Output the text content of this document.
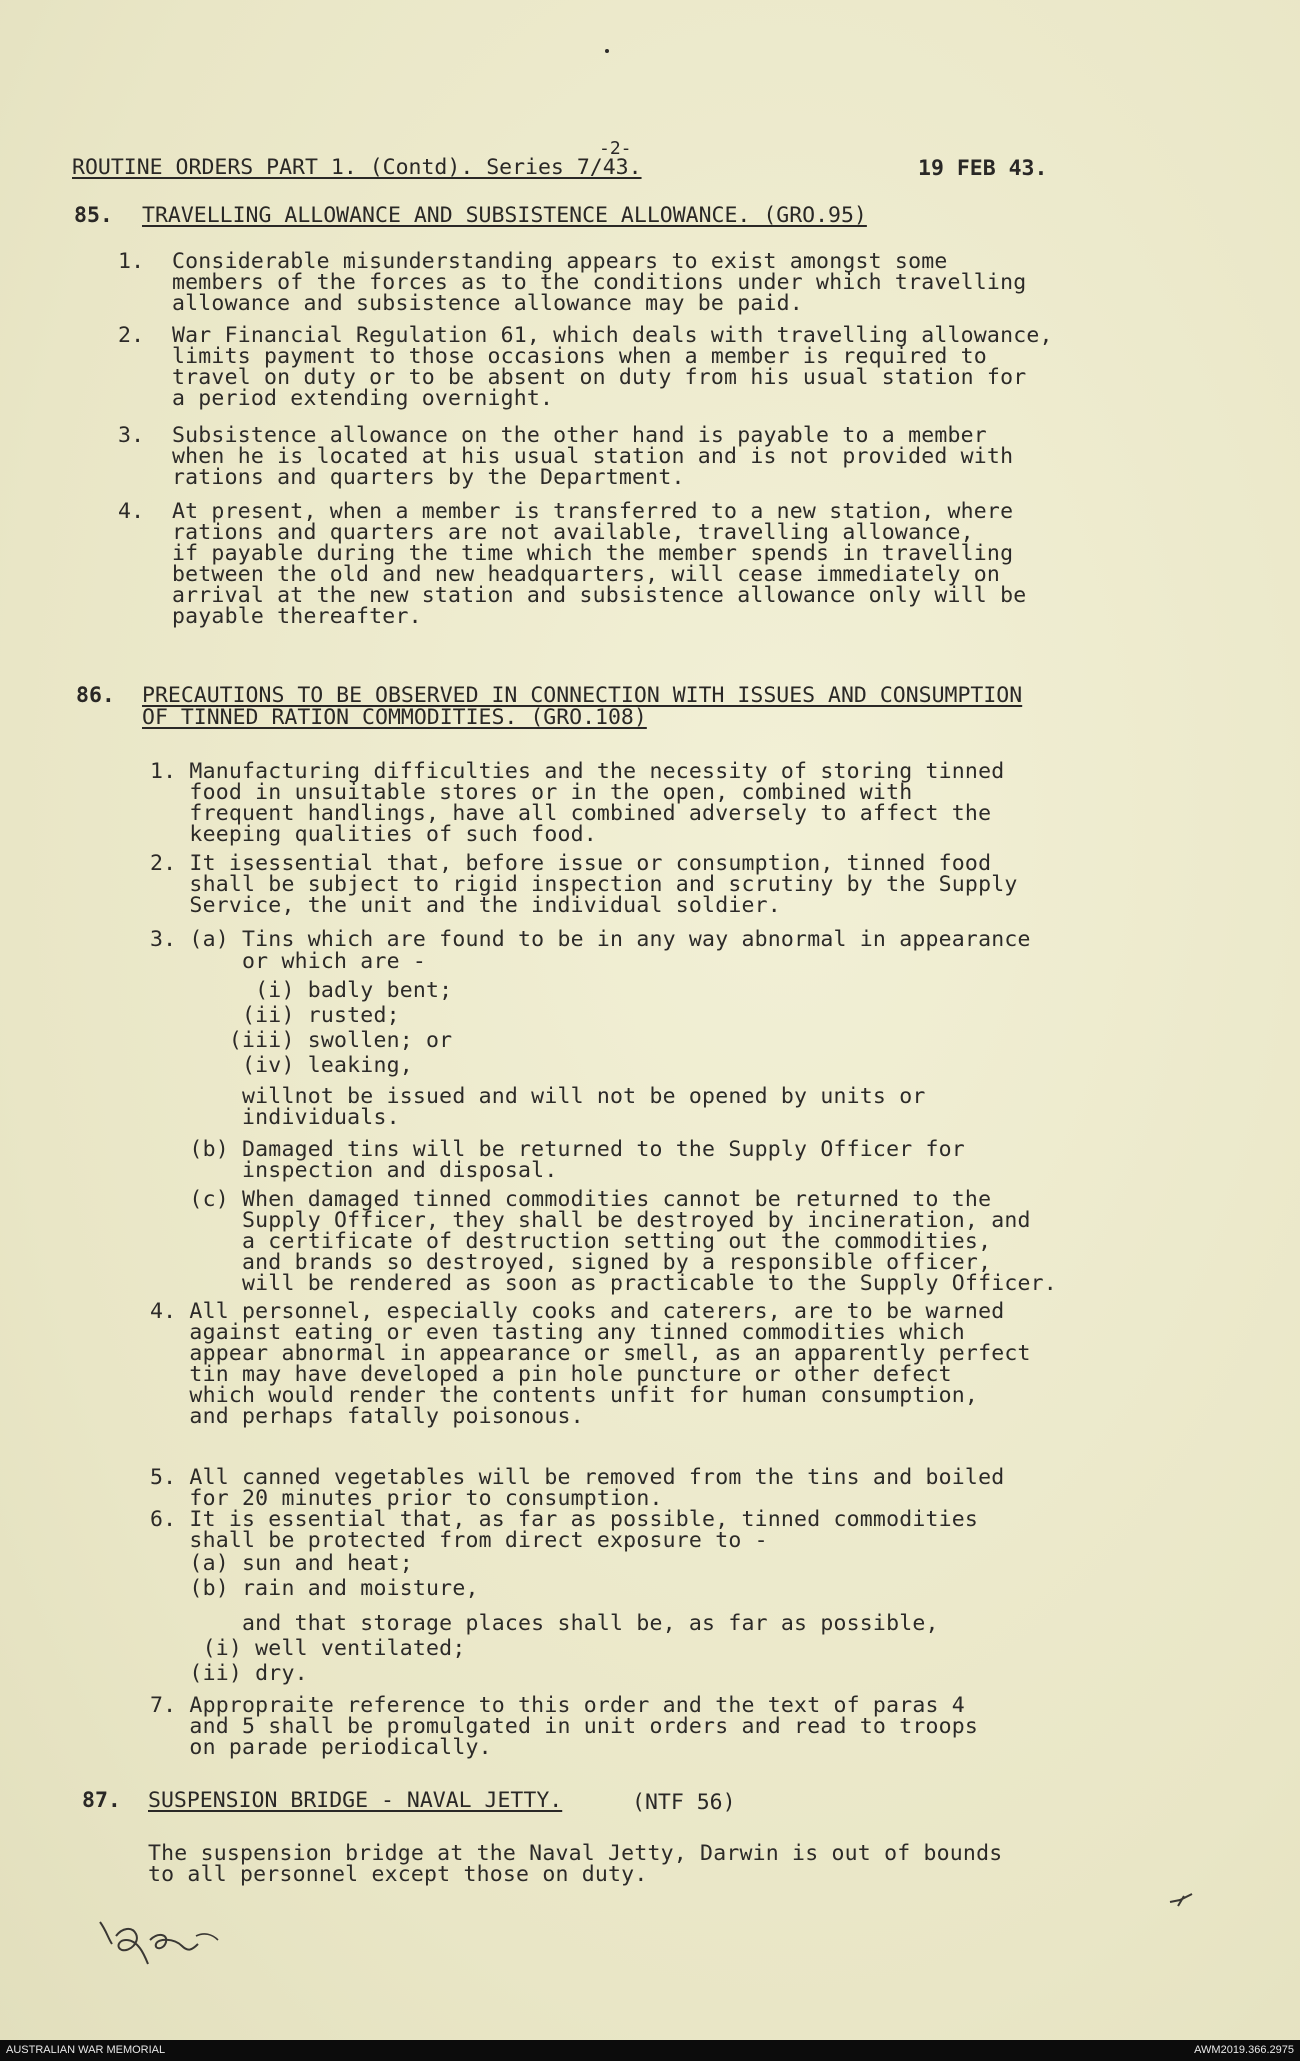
-2-
ROUTINE ORDERS PART 1. (Contd). Series 7/43.	19 FEB 43.
85. TRAVELLING ALLOWANCE AND SUBSISTENCE ALLOWANCE. (GRO.95)
1. Considerable misunderstanding appears to exist amongst some
members of the forces as to the conditions under which travelling
allowance and subsistence allowance may be paid.
2. War Financial Regulation 61, which deals with travelling allowance,
limits payment to those occasions when a member is required to
travel on duty or to be absent on duty from his usual station for
a period extending overnight.
3. Subsistence allowance on the other hand is payable to a member
when he is located at his usual station and is not provided with
rations and quarters by the Department.
4. At present, when a member is transferred to a new station, where
rations and quarters are not available, travelling allowance,
if payable during the time which the member spends in travelling
between the old and new headquarters, will cease immediately on
arrival at the new station and subsistence allowance only will be
payable thereafter.
86. PRECAUTIONS TO BE OBSERVED IN CONNECTION WITH ISSUES AND CONSUMPTION
OF TINNED RATION COMMODITIES. (GRO.108)
1. Manufacturing difficulties and the necessity of storing tinned
food in unsuitable stores or in the open, combined with
frequent handlings, have all combined adversely to affect the
keeping qualities of such food.
2. It isessential that, before issue or consumption, tinned food
shall be subject to rigid inspection and scrutiny by the Supply
Service, the unit and the individual soldier.
3. (a) Tins which are found to be in any way abnormal in appearance
or which are -
(i) badly bent;
(ii) rusted;
(iii) swollen; or
(iv) leaking,
willnot be issued and will not be opened by units or
individuals.
(b) Damaged tins will be returned to the Supply Officer for
inspection and disposal.
(c) When damaged tinned commodities cannot be returned to the
Supply Officer, they shall be destroyed by incineration, and
a certificate of destruction setting out the commodities,
and brands so destroyed, signed by a responsible officer,
will be rendered as soon as practicable to the Supply Officer.
4. All personnel, especially cooks and caterers, are to be warned
against eating or even tasting any tinned commodities which
appear abnormal in appearance or smell, as an apparently perfect
tin may have developed a pin hole puncture or other defect
which would render the contents unfit for human consumption,
and perhaps fatally poisonous.
5. All canned vegetables will be removed from the tins and boiled
for 20 minutes prior to consumption.
6. It is essential that, as far as possible, tinned commodities
shall be protected from direct exposure to -
(a) sun and heat;
(b) rain and moisture,
and that storage places shall be, as far as possible,
(i) well ventilated;
(ii) dry.
7. Appropraite reference to this order and the text of paras 4
and 5 shall be promulgated in unit orders and read to troops
on parade periodically.
87. SUSPENSION BRIDGE - NAVAL JETTY.	(NTF 56)
The suspension bridge at the Naval Jetty, Darwin is out of bounds
to all personnel except those on duty.
AUSTRALIAN WAR MEMORIAL	AWM2019.366.2975
